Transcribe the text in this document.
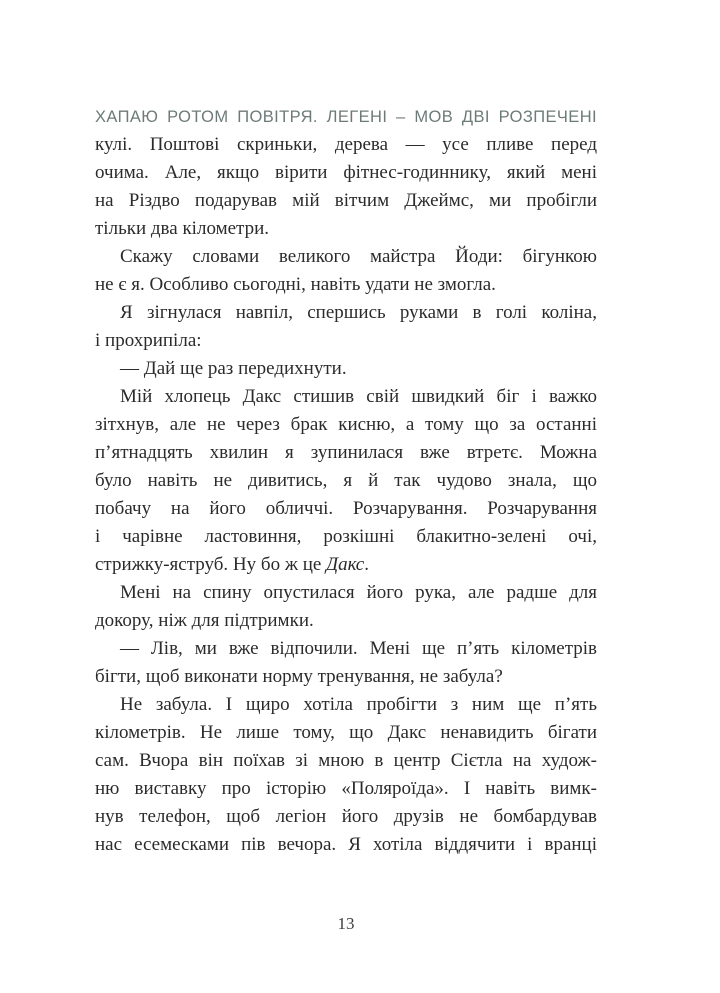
ХАПАЮ РОТОМ ПОВІТРЯ. ЛЕГЕНІ – МОВ ДВІ РОЗПЕЧЕНІ
кулі. Поштові скриньки, дерева — усе пливе перед
очима. Але, якщо вірити фітнес-годиннику, який мені
на Різдво подарував мій вітчим Джеймс, ми пробігли
тільки два кілометри.
Скажу словами великого майстра Йоди: бігункою
не є я. Особливо сьогодні, навіть удати не змогла.
Я зігнулася навпіл, спершись руками в голі коліна,
і прохрипіла:
— Дай ще раз передихнути.
Мій хлопець Дакс стишив свій швидкий біг і важко
зітхнув, але не через брак кисню, а тому що за останні
п’ятнадцять хвилин я зупинилася вже втретє. Можна
було навіть не дивитись, я й так чудово знала, що
побачу на його обличчі. Розчарування. Розчарування
і чарівне ластовиння, розкішні блакитно-зелені очі,
стрижку-яструб. Ну бо ж це Дакс.
Мені на спину опустилася його рука, але радше для
докору, ніж для підтримки.
— Лів, ми вже відпочили. Мені ще п’ять кілометрів
бігти, щоб виконати норму тренування, не забула?
Не забула. І щиро хотіла пробігти з ним ще п’ять
кілометрів. Не лише тому, що Дакс ненавидить бігати
сам. Вчора він поїхав зі мною в центр Сієтла на худож-
ню виставку про історію «Поляроїда». І навіть вимк-
нув телефон, щоб легіон його друзів не бомбардував
нас есемесками пів вечора. Я хотіла віддячити і вранці
13
